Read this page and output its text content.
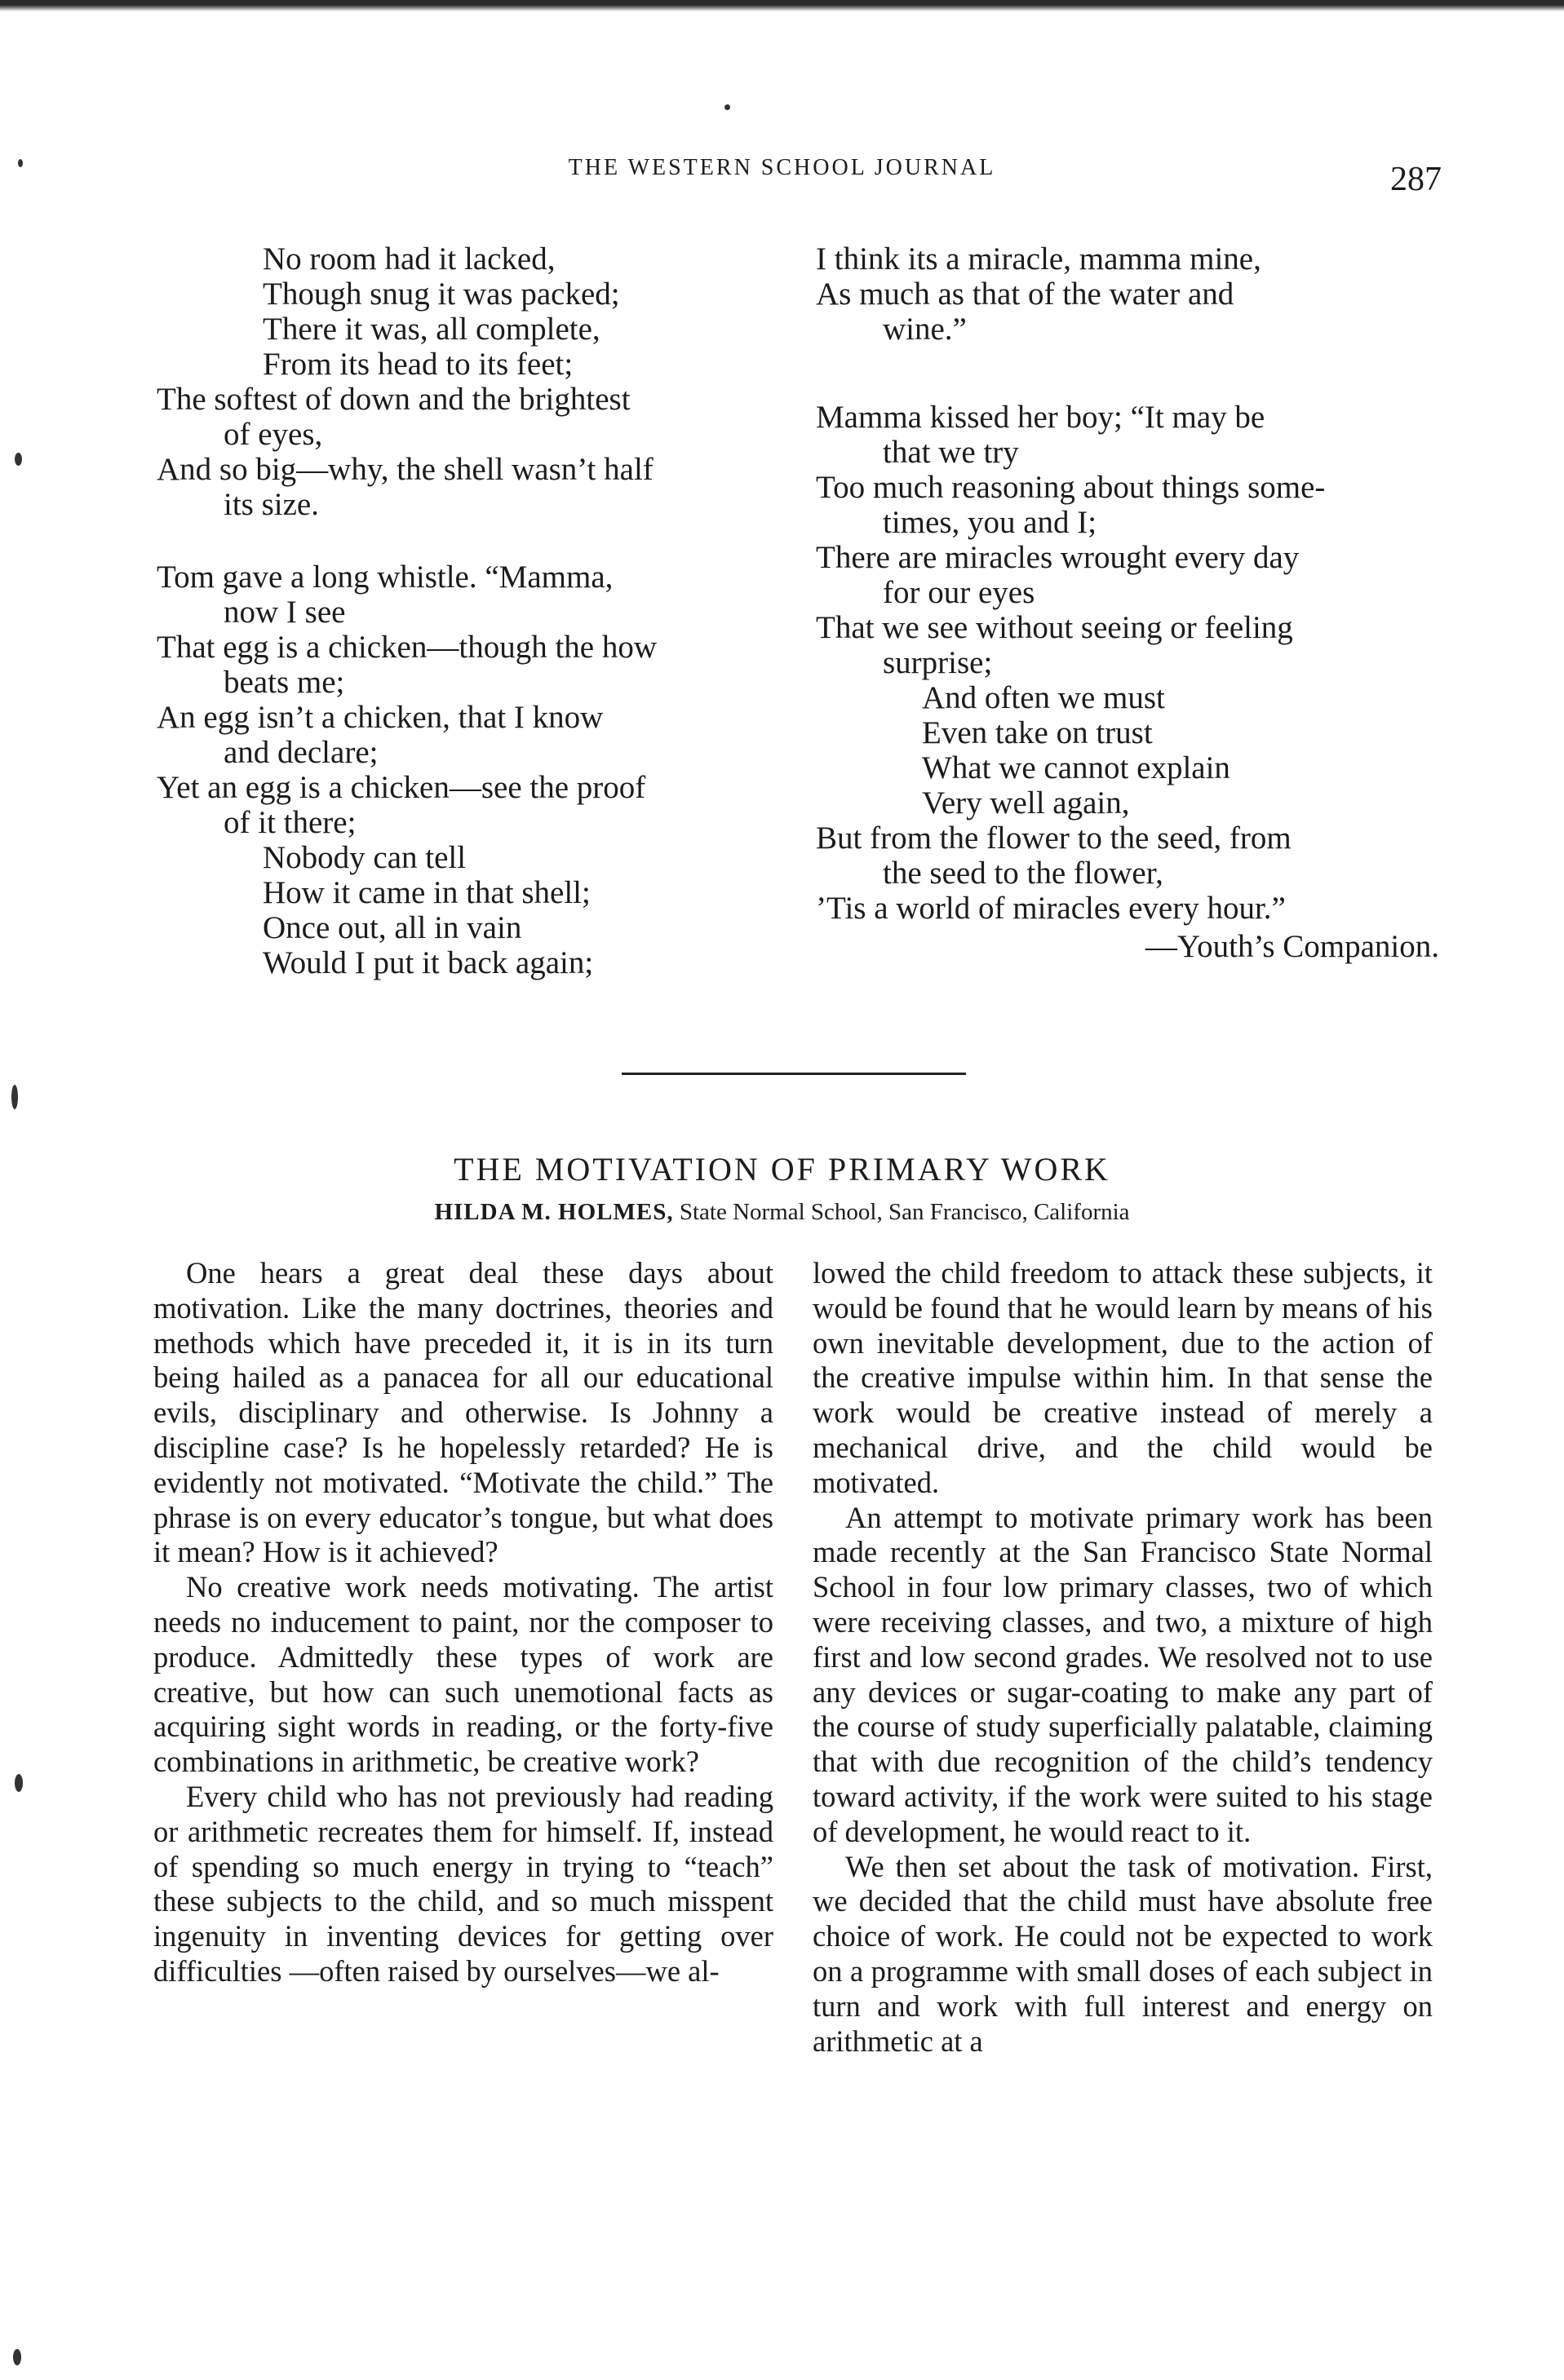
THE WESTERN SCHOOL JOURNAL	287
No room had it lacked,
Though snug it was packed;
There it was, all complete,
From its head to its feet;
The softest of down and the brightest
of eyes,
And so big—why, the shell wasn’t half
its size.
Tom gave a long whistle. “Mamma,
now I see
That egg is a chicken—though the how
beats me;
An egg isn’t a chicken, that I know
and declare;
Yet an egg is a chicken—see the proof
of it there;
Nobody can tell
How it came in that shell;
Once out, all in vain
Would I put it back again;
I think its a miracle, mamma mine,
As much as that of the water and
wine.”
Mamma kissed her boy; “It may be
that we try
Too much reasoning about things some-
times, you and I;
There are miracles wrought every day
for our eyes
That we see without seeing or feeling
surprise;
And often we must
Even take on trust
What we cannot explain
Very well again,
But from the flower to the seed, from
the seed to the flower,
’Tis a world of miracles every hour.”
—Youth’s Companion.
THE MOTIVATION OF PRIMARY WORK
HILDA M. HOLMES, State Normal School, San Francisco, California

One hears a great deal these days about motivation. Like the many doctrines, theories and methods which have preceded it, it is in its turn being hailed as a panacea for all our educational evils, disciplinary and otherwise. Is Johnny a discipline case? Is he hopelessly retarded? He is evidently not motivated. “Motivate the child.” The phrase is on every educator’s tongue, but what does it mean? How is it achieved?

No creative work needs motivating. The artist needs no inducement to paint, nor the composer to produce. Admittedly these types of work are creative, but how can such unemotional facts as acquiring sight words in reading, or the forty-five combinations in arithmetic, be creative work?

Every child who has not previously had reading or arithmetic recreates them for himself. If, instead of spending so much energy in trying to “teach” these subjects to the child, and so much misspent ingenuity in inventing devices for getting over difficulties —often raised by ourselves—we al-

lowed the child freedom to attack these subjects, it would be found that he would learn by means of his own inevitable development, due to the action of the creative impulse within him. In that sense the work would be creative instead of merely a mechanical drive, and the child would be motivated.

An attempt to motivate primary work has been made recently at the San Francisco State Normal School in four low primary classes, two of which were receiving classes, and two, a mixture of high first and low second grades. We resolved not to use any devices or sugar-coating to make any part of the course of study superficially palatable, claiming that with due recognition of the child’s tendency toward activity, if the work were suited to his stage of development, he would react to it.

We then set about the task of motivation. First, we decided that the child must have absolute free choice of work. He could not be expected to work on a programme with small doses of each subject in turn and work with full interest and energy on arithmetic at a
